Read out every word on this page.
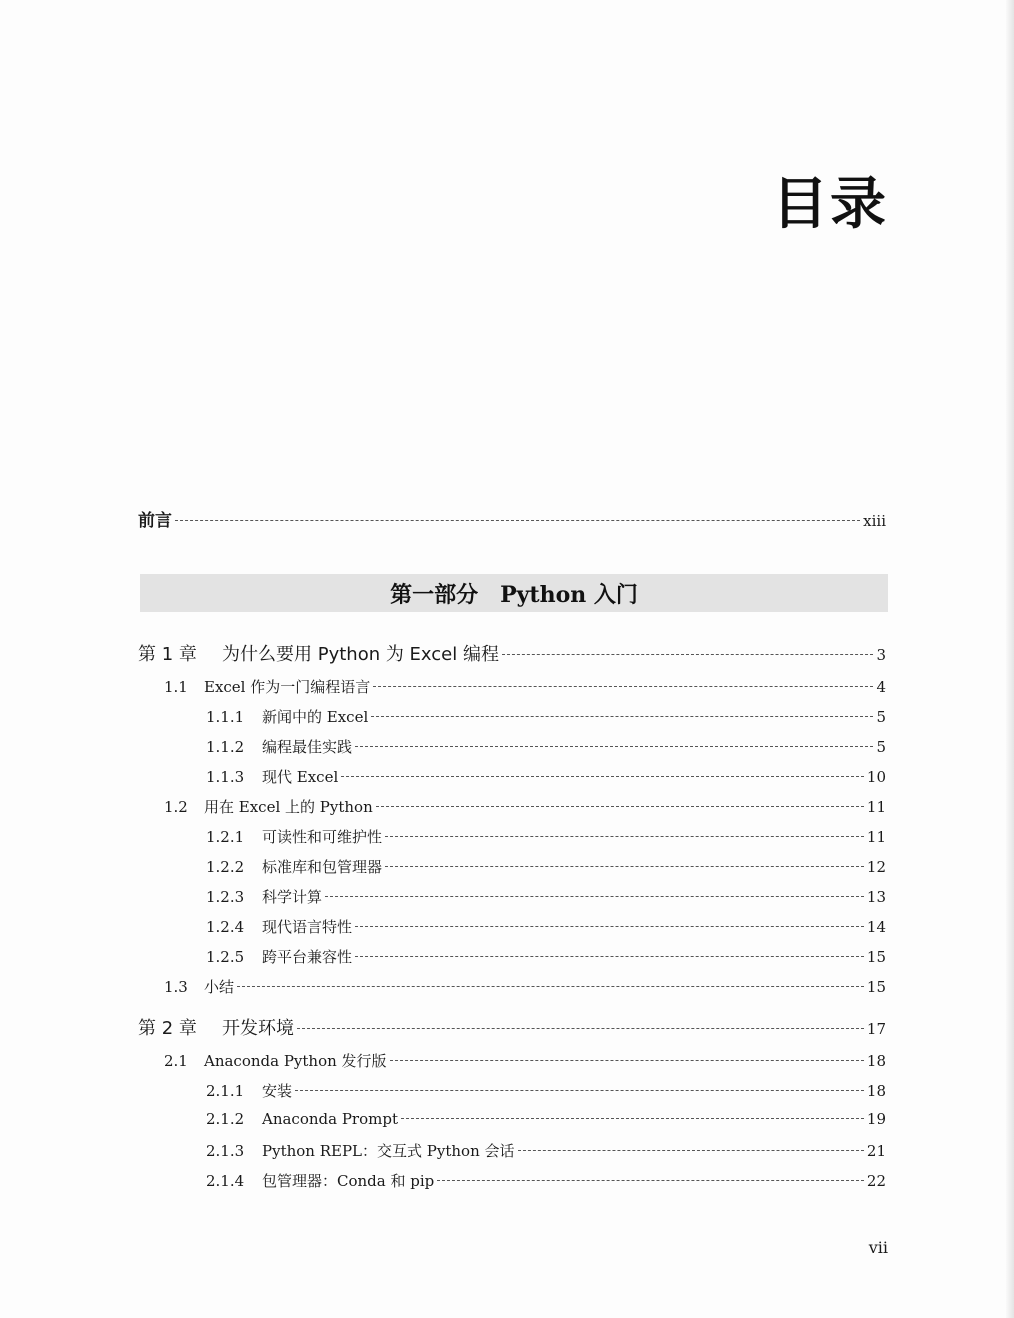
目录
前言	xiii
第一部分　Python 入门
第 1 章	为什么要用 Python 为 Excel 编程	3
1.1	Excel 作为一门编程语言	4
1.1.1	新闻中的 Excel	5
1.1.2	编程最佳实践	5
1.1.3	现代 Excel	10
1.2	用在 Excel 上的 Python	11
1.2.1	可读性和可维护性	11
1.2.2	标准库和包管理器	12
1.2.3	科学计算	13
1.2.4	现代语言特性	14
1.2.5	跨平台兼容性	15
1.3	小结	15
第 2 章	开发环境	17
2.1	Anaconda Python 发行版	18
2.1.1	安装	18
2.1.2	Anaconda Prompt	19
2.1.3	Python REPL：交互式 Python 会话	21
2.1.4	包管理器：Conda 和 pip	22
vii
